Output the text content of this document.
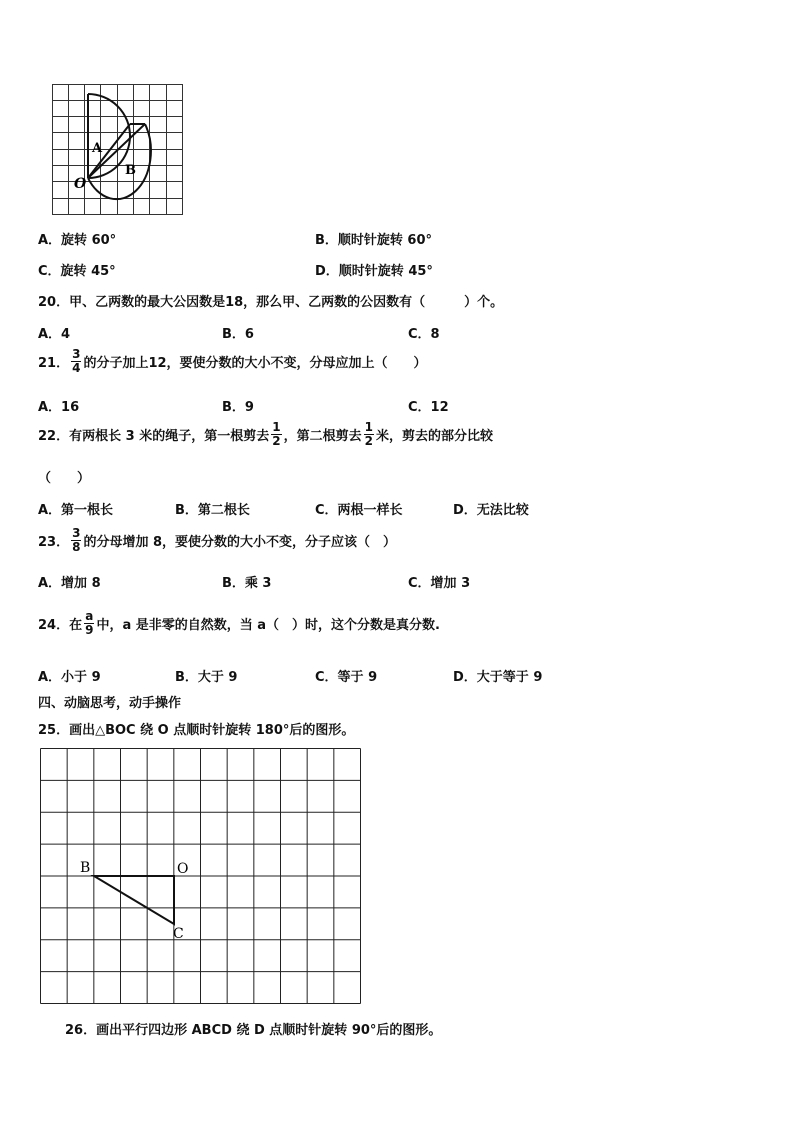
A
B
O
A．旋转 60°	B．顺时针旋转 60°
C．旋转 45°	D．顺时针旋转 45°
20．甲、乙两数的最大公因数是18，那么甲、乙两数的公因数有（　　　）个。
A．4	B．6	C．8
21． $\frac{3}{4}$ 的分子加上12，要使分数的大小不变，分母应加上（　　）
A．16	B．9	C．12
22．有两根长 3 米的绳子，第一根剪去 $\frac{1}{2}$ ，第二根剪去 $\frac{1}{2}$ 米，剪去的部分比较
（　　）
A．第一根长	B．第二根长	C．两根一样长	D．无法比较
23． $\frac{3}{8}$ 的分母增加 8，要使分数的大小不变，分子应该（　）
A．增加 8	B．乘 3	C．增加 3
24．在 $\frac{a}{9}$ 中，a 是非零的自然数，当 a（　）时，这个分数是真分数.
A．小于 9	B．大于 9	C．等于 9	D．大于等于 9
四、动脑思考，动手操作
25．画出△BOC 绕 O 点顺时针旋转 180°后的图形。
B	O
C
26．画出平行四边形 ABCD 绕 D 点顺时针旋转 90°后的图形。
